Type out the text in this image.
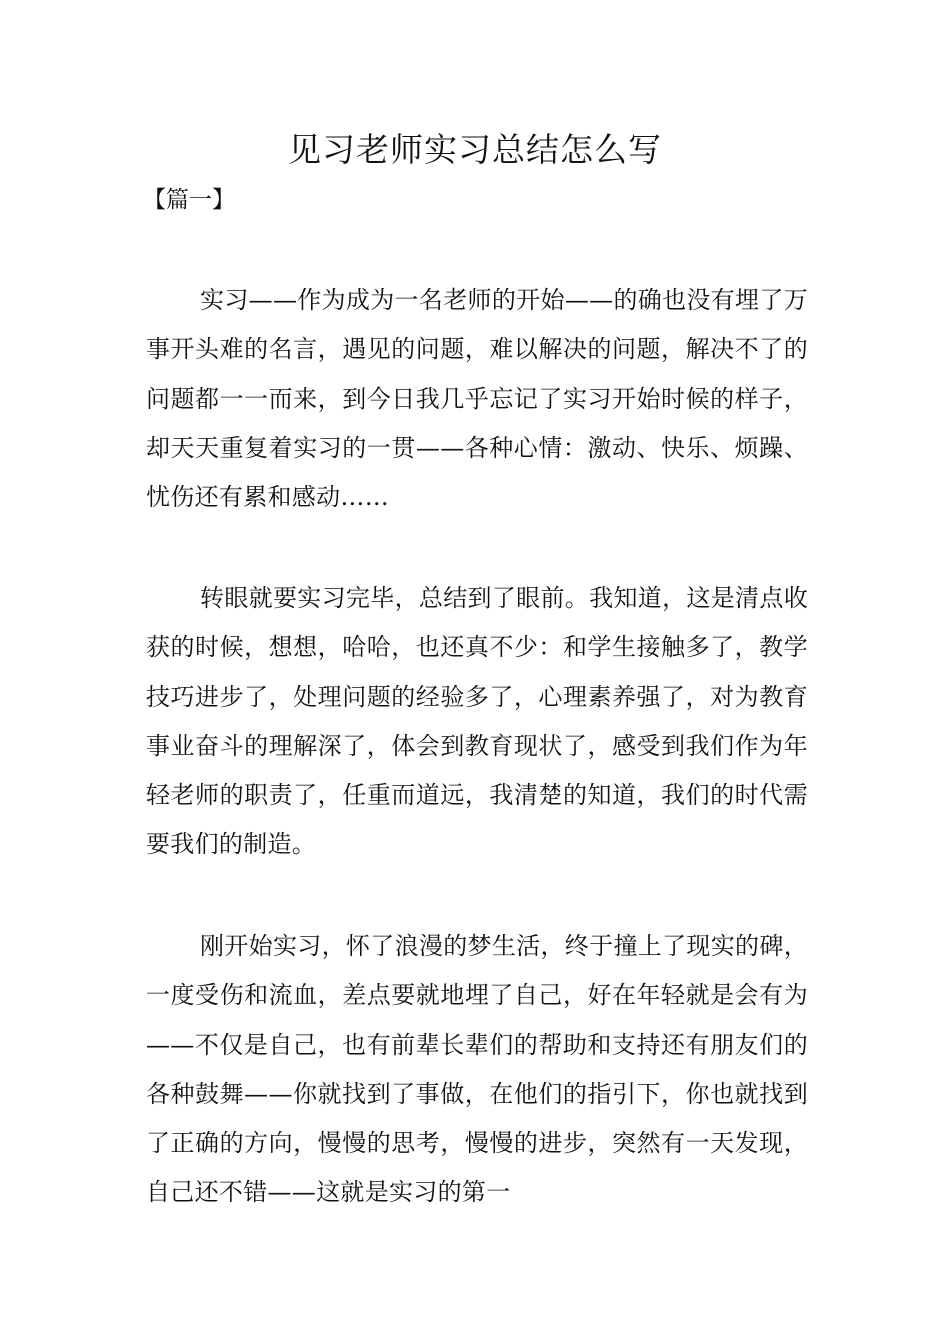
见习老师实习总结怎么写
【篇一】

实习——作为成为一名老师的开始——的确也没有埋了万事开头难的名言，遇见的问题，难以解决的问题，解决不了的问题都一一而来，到今日我几乎忘记了实习开始时候的样子，却天天重复着实习的一贯——各种心情：激动、快乐、烦躁、忧伤还有累和感动……

转眼就要实习完毕，总结到了眼前。我知道，这是清点收获的时候，想想，哈哈，也还真不少：和学生接触多了，教学技巧进步了，处理问题的经验多了，心理素养强了，对为教育事业奋斗的理解深了，体会到教育现状了，感受到我们作为年轻老师的职责了，任重而道远，我清楚的知道，我们的时代需要我们的制造。

刚开始实习，怀了浪漫的梦生活，终于撞上了现实的碑，一度受伤和流血，差点要就地埋了自己，好在年轻就是会有为——不仅是自己，也有前辈长辈们的帮助和支持还有朋友们的各种鼓舞——你就找到了事做，在他们的指引下，你也就找到了正确的方向，慢慢的思考，慢慢的进步，突然有一天发现，自己还不错——这就是实习的第一
